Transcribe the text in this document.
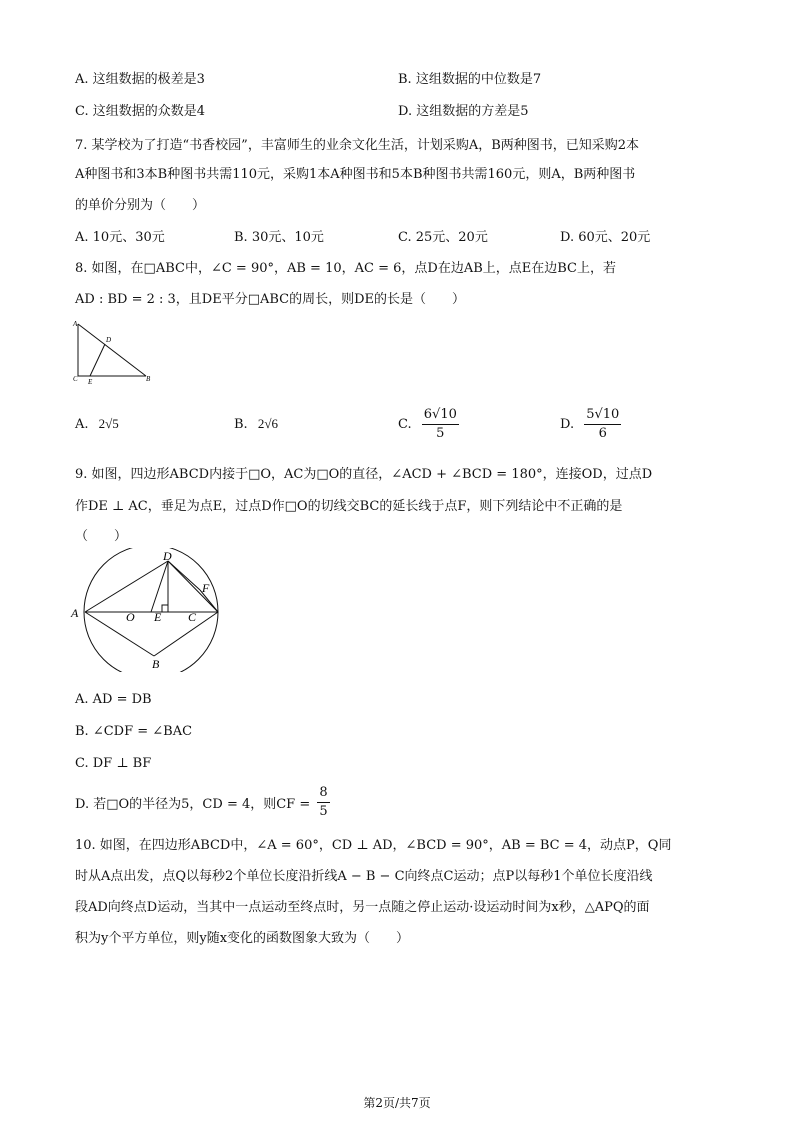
A. 这组数据的极差是3	B. 这组数据的中位数是7
C. 这组数据的众数是4	D. 这组数据的方差是5
7. 某学校为了打造“书香校园”，丰富师生的业余文化生活，计划采购A，B两种图书，已知采购2本
A种图书和3本B种图书共需110元，采购1本A种图书和5本B种图书共需160元，则A，B两种图书
的单价分别为（　　）
A. 10元、30元	B. 30元、10元	C. 25元、20元	D. 60元、20元
8. 如图，在□ABC中，∠C = 90°，AB = 10，AC = 6，点D在边AB上，点E在边BC上，若
AD : BD = 2 : 3，且DE平分□ABC的周长，则DE的长是（　　）
A
D
C E	B
A. 2√5	B. 2√6	C. $\frac{6√10}{5}$	D. $\frac{5√10}{6}$
9. 如图，四边形ABCD内接于□O，AC为□O的直径，∠ACD + ∠BCD = 180°，连接OD，过点D
作DE ⊥ AC，垂足为点E，过点D作□O的切线交BC的延长线于点F，则下列结论中不正确的是
（　　）
A
D
F
O E C
B
A. AD = DB
B. ∠CDF = ∠BAC
C. DF ⊥ BF
D. 若□O的半径为5，CD = 4，则CF = $\frac{8}{5}$
10. 如图，在四边形ABCD中，∠A = 60°，CD ⊥ AD，∠BCD = 90°，AB = BC = 4，动点P，Q同
时从A点出发，点Q以每秒2个单位长度沿折线A − B − C向终点C运动；点P以每秒1个单位长度沿线
段AD向终点D运动，当其中一点运动至终点时，另一点随之停止运动·设运动时间为x秒，△APQ的面
积为y个平方单位，则y随x变化的函数图象大致为（　　）
第2页/共7页
